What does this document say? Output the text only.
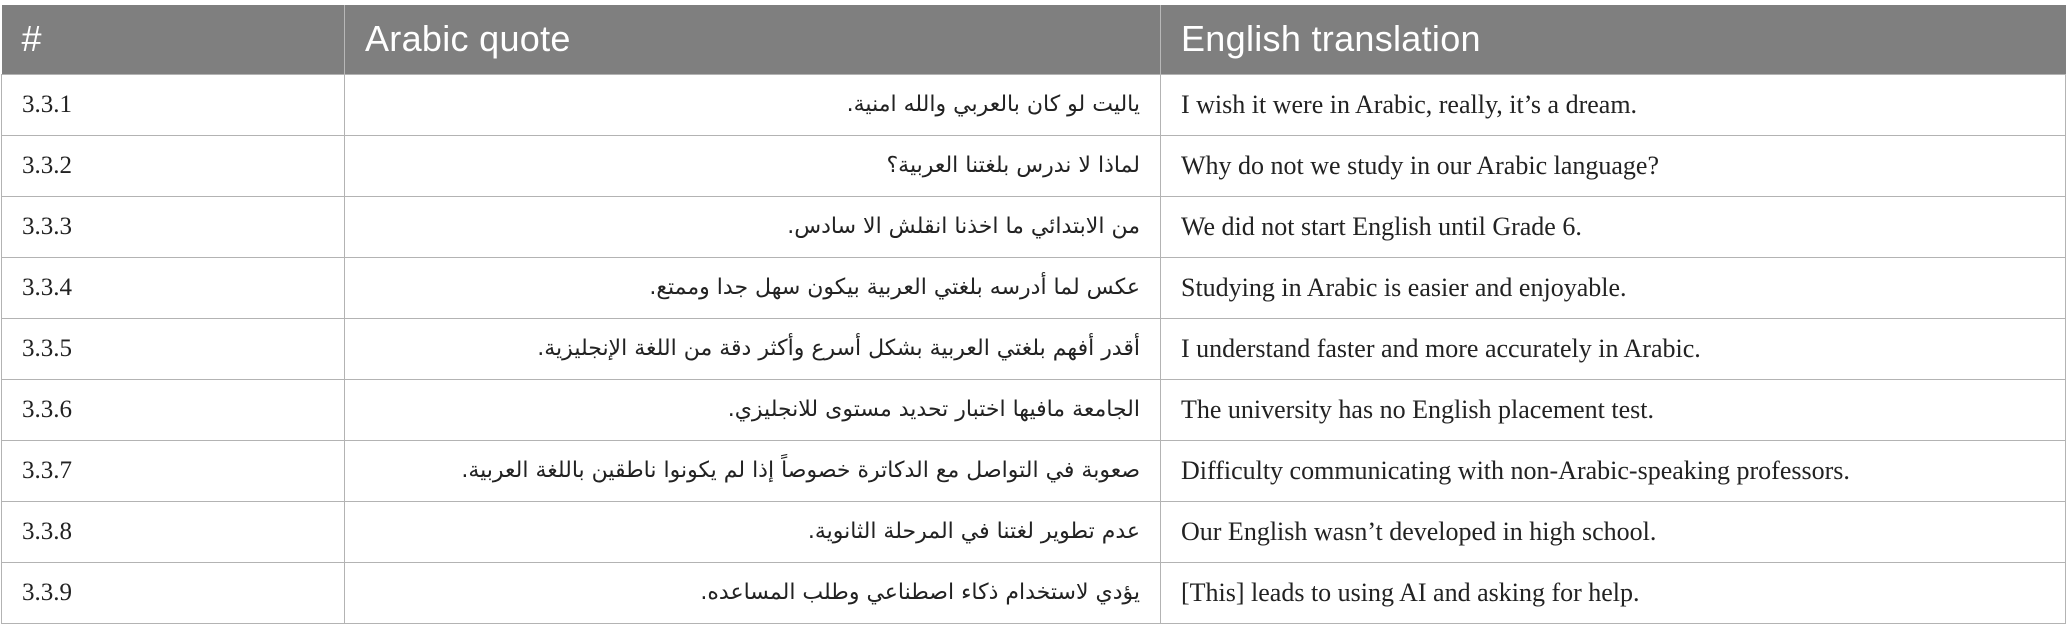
#	Arabic quote	English translation
3.3.1	ياليت لو كان بالعربي والله امنية.	I wish it were in Arabic, really, it’s a dream.
3.3.2	لماذا لا ندرس بلغتنا العربية؟	Why do not we study in our Arabic language?
3.3.3	من الابتدائي ما اخذنا انقلش الا سادس.	We did not start English until Grade 6.
3.3.4	عكس لما أدرسه بلغتي العربية بيكون سهل جدا وممتع.	Studying in Arabic is easier and enjoyable.
3.3.5	أقدر أفهم بلغتي العربية بشكل أسرع وأكثر دقة من اللغة الإنجليزية.	I understand faster and more accurately in Arabic.
3.3.6	الجامعة مافيها اختبار تحديد مستوى للانجليزي.	The university has no English placement test.
3.3.7	صعوبة في التواصل مع الدكاترة خصوصاً إذا لم يكونوا ناطقين باللغة العربية.	Difficulty communicating with non-Arabic-speaking professors.
3.3.8	عدم تطوير لغتنا في المرحلة الثانوية.	Our English wasn’t developed in high school.
3.3.9	يؤدي لاستخدام ذكاء اصطناعي وطلب المساعده.	[This] leads to using AI and asking for help.
